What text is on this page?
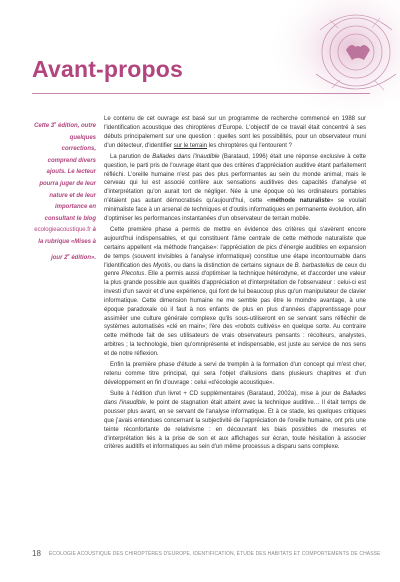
Avant-propos
Cette 3e édition, outre quelques corrections, comprend divers ajouts. Le lecteur pourra juger de leur nature et de leur importance en consultant le blog ecologieacoustique.fr à la rubrique «Mises à jour 2e édition».

Le contenu de cet ouvrage est basé sur un programme de recherche commencé en 1988 sur l'identification acoustique des chiroptères d'Europe. L'objectif de ce travail était concentré à ses débuts principalement sur une question : quelles sont les possibilités, pour un observateur muni d'un détecteur, d'identifier sur le terrain les chiroptères qui l'entourent ?

La parution de Ballades dans l'inaudible (Barataud, 1996) était une réponse exclusive à cette question, le parti pris de l'ouvrage étant que des critères d'appréciation auditive étant parfaitement réfléchi. L'oreille humaine n'est pas des plus performantes au sein du monde animal, mais le cerveau qui lui est associé confère aux sensations auditives des capacités d'analyse et d'interprétation qu'on aurait tort de négliger. Née à une époque où les ordinateurs portables n'étaient pas autant démocratisés qu'aujourd'hui, cette «méthode naturaliste» se voulait minimaliste face à un arsenal de techniques et d'outils informatiques en permanente évolution, afin d'optimiser les performances instantanées d'un observateur de terrain mobile.

Cette première phase a permis de mettre en évidence des critères qui s'avèrent encore aujourd'hui indispensables, et qui constituent l'âme centrale de cette méthode naturaliste que certains appellent «la méthode française»: l'appréciation de pics d'énergie audibles en expansion de temps (souvent invisibles à l'analyse informatique) constitue une étape incontournable dans l'identification des Myotis, ou dans la distinction de certains signaux de B. barbastellus de ceux du genre Plecotus. Elle a permis aussi d'optimiser la technique hétérodyne, et d'accorder une valeur la plus grande possible aux qualités d'appréciation et d'interprétation de l'observateur : celui-ci est investi d'un savoir et d'une expérience, qui font de lui beaucoup plus qu'un manipulateur de clavier informatique. Cette dimension humaine ne me semble pas être le moindre avantage, à une époque paradoxale où il faut à nos enfants de plus en plus d'années d'apprentissage pour assimiler une culture générale complexe qu'ils sous-utiliseront en se servant sans réfléchir de systèmes automatisés «clé en main»; l'ère des «robots cultivés» en quelque sorte. Au contraire cette méthode fait de ses utilisateurs de vrais observateurs pensants : récolteurs, analystes, arbitres ; la technologie, bien qu'omniprésente et indispensable, est juste au service de nos sens et de notre réflexion.

Enfin la première phase d'étude a servi de tremplin à la formation d'un concept qui m'est cher, retenu comme titre principal, qui sera l'objet d'allusions dans plusieurs chapitres et d'un développement en fin d'ouvrage : celui «d'écologie acoustique».

Suite à l'édition d'un livret + CD supplémentaires (Barataud, 2002a), mise à jour de Ballades dans l'inaudible, le point de stagnation était atteint avec la technique auditive… Il était temps de pousser plus avant, en se servant de l'analyse informatique. Et à ce stade, les quelques critiques que j'avais entendues concernant la subjectivité de l'appréciation de l'oreille humaine, ont pris une teinte réconfortante de relativisme : en découvrant les biais possibles de mesures et d'interprétation liés à la prise de son et aux affichages sur écran, toute hésitation à associer critères auditifs et informatiques au sein d'un même processus a disparu sans complexe.

18 ÉCOLOGIE ACOUSTIQUE DES CHIROPTÈRES D'EUROPE, IDENTIFICATION, ÉTUDE DES HABITATS ET COMPORTEMENTS DE CHASSE
